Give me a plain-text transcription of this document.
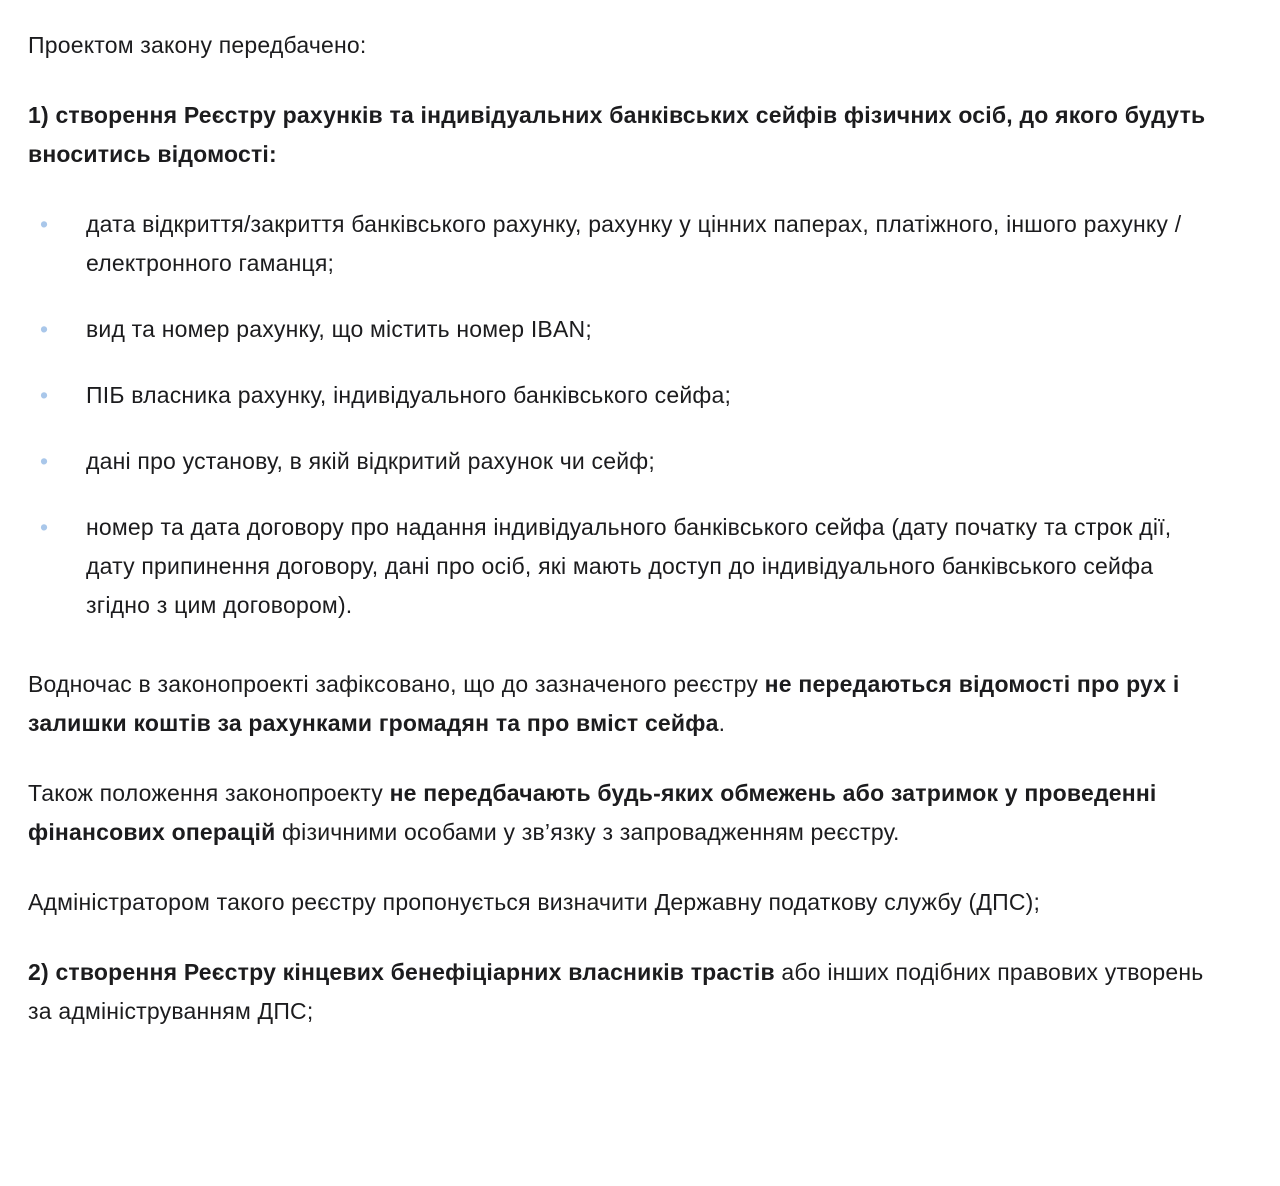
Проектом закону передбачено:

1) створення Реєстру рахунків та індивідуальних банківських сейфів фізичних осіб, до якого будуть вноситись відомості:

•	дата відкриття/закриття банківського рахунку, рахунку у цінних паперах, платіжного, іншого рахунку / електронного гаманця;
•	вид та номер рахунку, що містить номер IBAN;
•	ПІБ власника рахунку, індивідуального банківського сейфа;
•	дані про установу, в якій відкритий рахунок чи сейф;
•	номер та дата договору про надання індивідуального банківського сейфа (дату початку та строк дії, дату припинення договору, дані про осіб, які мають доступ до індивідуального банківського сейфа згідно з цим договором).

Водночас в законопроекті зафіксовано, що до зазначеного реєстру не передаються відомості про рух і залишки коштів за рахунками громадян та про вміст сейфа.

Також положення законопроекту не передбачають будь-яких обмежень або затримок у проведенні фінансових операцій фізичними особами у зв’язку з запровадженням реєстру.

Адміністратором такого реєстру пропонується визначити Державну податкову службу (ДПС);

2) створення Реєстру кінцевих бенефіціарних власників трастів або інших подібних правових утворень за адмініструванням ДПС;
